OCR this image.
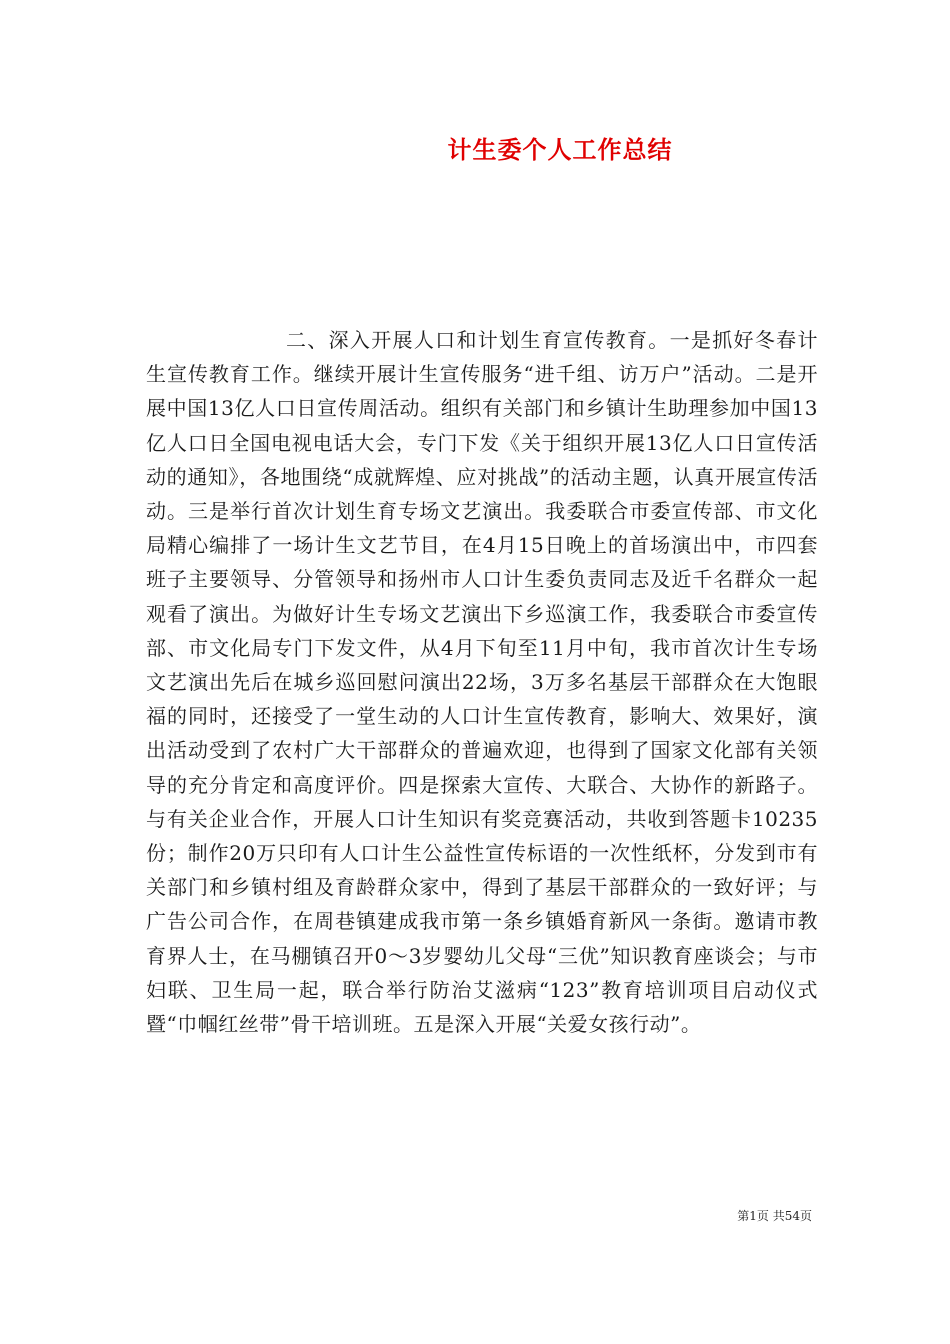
计生委个人工作总结

二、深入开展人口和计划生育宣传教育。一是抓好冬春计生宣传教育工作。继续开展计生宣传服务“进千组、访万户”活动。二是开展中国13亿人口日宣传周活动。组织有关部门和乡镇计生助理参加中国13亿人口日全国电视电话大会，专门下发《关于组织开展13亿人口日宣传活动的通知》，各地围绕“成就辉煌、应对挑战”的活动主题，认真开展宣传活动。三是举行首次计划生育专场文艺演出。我委联合市委宣传部、市文化局精心编排了一场计生文艺节目，在4月15日晚上的首场演出中，市四套班子主要领导、分管领导和扬州市人口计生委负责同志及近千名群众一起观看了演出。为做好计生专场文艺演出下乡巡演工作，我委联合市委宣传部、市文化局专门下发文件，从4月下旬至11月中旬，我市首次计生专场文艺演出先后在城乡巡回慰问演出22场，3万多名基层干部群众在大饱眼福的同时，还接受了一堂生动的人口计生宣传教育，影响大、效果好，演出活动受到了农村广大干部群众的普遍欢迎，也得到了国家文化部有关领导的充分肯定和高度评价。四是探索大宣传、大联合、大协作的新路子。与有关企业合作，开展人口计生知识有奖竞赛活动，共收到答题卡10235份；制作20万只印有人口计生公益性宣传标语的一次性纸杯，分发到市有关部门和乡镇村组及育龄群众家中，得到了基层干部群众的一致好评；与广告公司合作，在周巷镇建成我市第一条乡镇婚育新风一条街。邀请市教育界人士，在马棚镇召开0～3岁婴幼儿父母“三优”知识教育座谈会；与市妇联、卫生局一起，联合举行防治艾滋病“123”教育培训项目启动仪式暨“巾帼红丝带”骨干培训班。五是深入开展“关爱女孩行动”。

第1页 共54页
